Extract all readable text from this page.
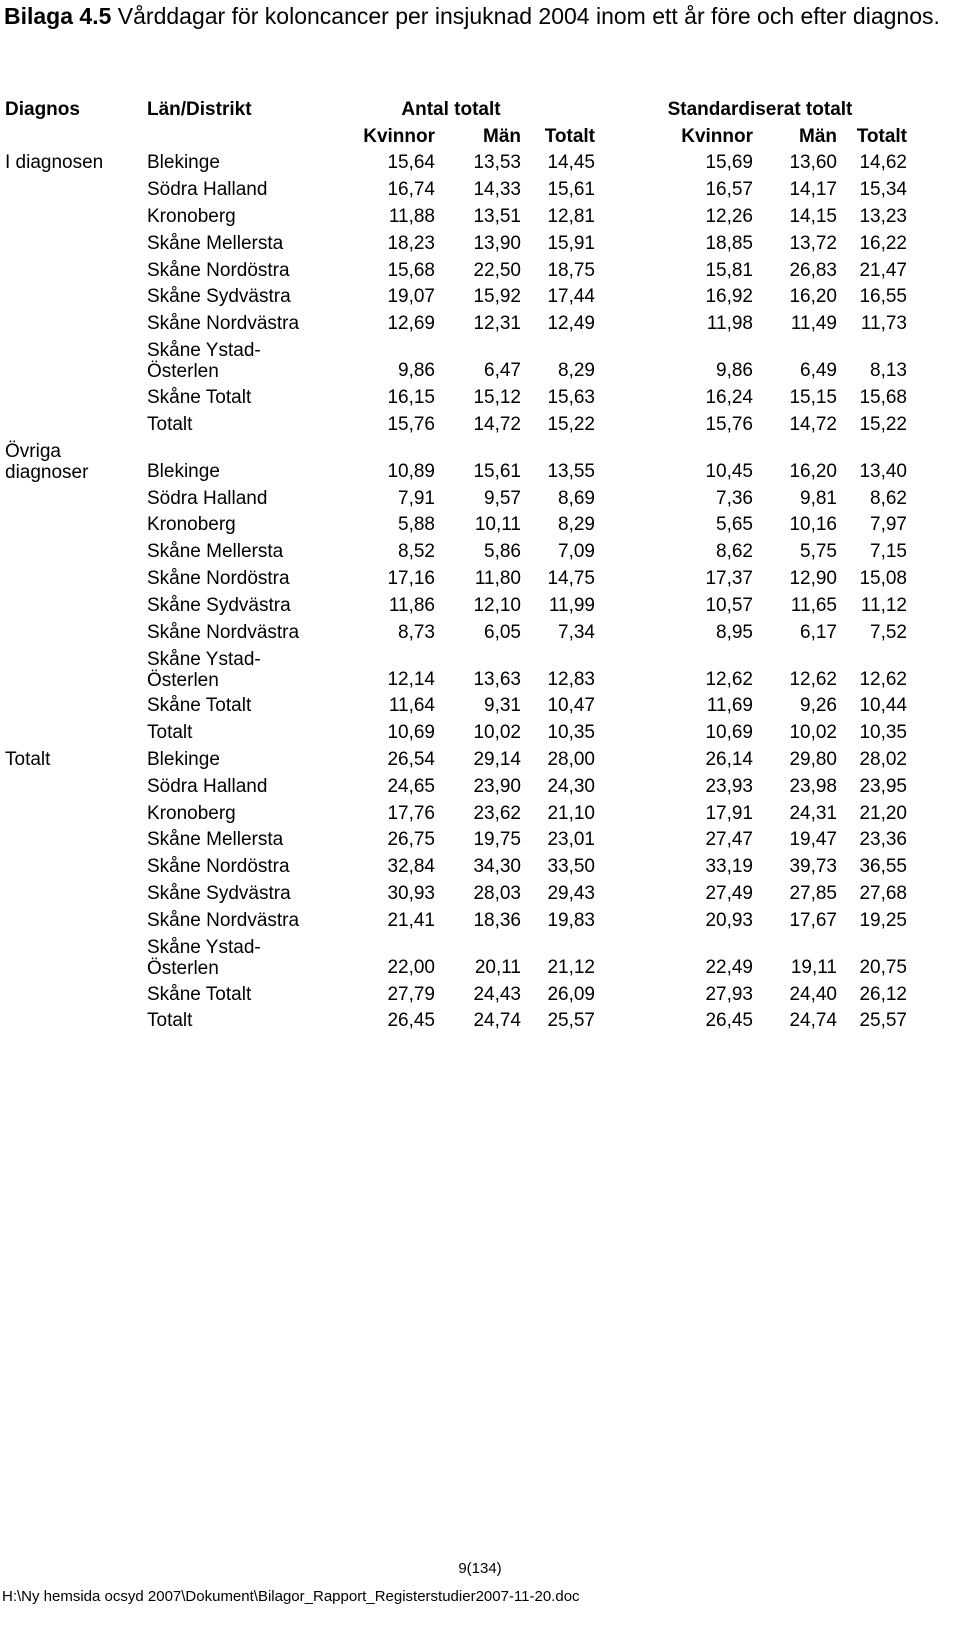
Bilaga 4.5 Vårddagar för koloncancer per insjuknad 2004 inom ett år före och efter diagnos.
Diagnos	Län/Distrikt	Antal totalt				Standardiserat totalt		
		Kvinnor	Män	Totalt		Kvinnor	Män	Totalt
I diagnosen	Blekinge	15,64	13,53	14,45		15,69	13,60	14,62
	Södra Halland	16,74	14,33	15,61		16,57	14,17	15,34
	Kronoberg	11,88	13,51	12,81		12,26	14,15	13,23
	Skåne Mellersta	18,23	13,90	15,91		18,85	13,72	16,22
	Skåne Nordöstra	15,68	22,50	18,75		15,81	26,83	21,47
	Skåne Sydvästra	19,07	15,92	17,44		16,92	16,20	16,55
	Skåne Nordvästra	12,69	12,31	12,49		11,98	11,49	11,73
	Skåne Ystad- Österlen	9,86	6,47	8,29		9,86	6,49	8,13
	Skåne Totalt	16,15	15,12	15,63		16,24	15,15	15,68
	Totalt	15,76	14,72	15,22		15,76	14,72	15,22
Övriga diagnoser	Blekinge	10,89	15,61	13,55		10,45	16,20	13,40
	Södra Halland	7,91	9,57	8,69		7,36	9,81	8,62
	Kronoberg	5,88	10,11	8,29		5,65	10,16	7,97
	Skåne Mellersta	8,52	5,86	7,09		8,62	5,75	7,15
	Skåne Nordöstra	17,16	11,80	14,75		17,37	12,90	15,08
	Skåne Sydvästra	11,86	12,10	11,99		10,57	11,65	11,12
	Skåne Nordvästra	8,73	6,05	7,34		8,95	6,17	7,52
	Skåne Ystad- Österlen	12,14	13,63	12,83		12,62	12,62	12,62
	Skåne Totalt	11,64	9,31	10,47		11,69	9,26	10,44
	Totalt	10,69	10,02	10,35		10,69	10,02	10,35
Totalt	Blekinge	26,54	29,14	28,00		26,14	29,80	28,02
	Södra Halland	24,65	23,90	24,30		23,93	23,98	23,95
	Kronoberg	17,76	23,62	21,10		17,91	24,31	21,20
	Skåne Mellersta	26,75	19,75	23,01		27,47	19,47	23,36
	Skåne Nordöstra	32,84	34,30	33,50		33,19	39,73	36,55
	Skåne Sydvästra	30,93	28,03	29,43		27,49	27,85	27,68
	Skåne Nordvästra	21,41	18,36	19,83		20,93	17,67	19,25
	Skåne Ystad- Österlen	22,00	20,11	21,12		22,49	19,11	20,75
	Skåne Totalt	27,79	24,43	26,09		27,93	24,40	26,12
	Totalt	26,45	24,74	25,57		26,45	24,74	25,57
9(134)
H:\Ny hemsida ocsyd 2007\Dokument\Bilagor_Rapport_Registerstudier2007-11-20.doc
